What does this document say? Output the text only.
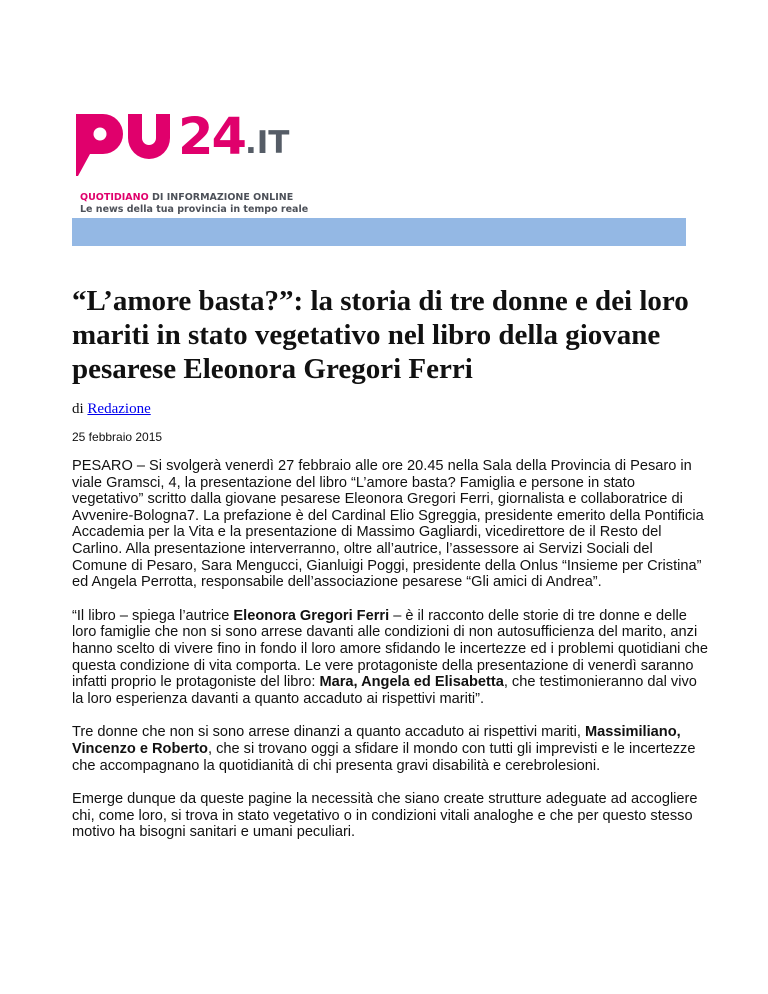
24 .IT
QUOTIDIANO DI INFORMAZIONE ONLINE
Le news della tua provincia in tempo reale
“L’amore basta?”: la storia di tre donne e dei loro mariti in stato vegetativo nel libro della giovane pesarese Eleonora Gregori Ferri
di Redazione
25 febbraio 2015

PESARO – Si svolgerà venerdì 27 febbraio alle ore 20.45 nella Sala della Provincia di Pesaro in viale Gramsci, 4, la presentazione del libro “L’amore basta? Famiglia e persone in stato vegetativo” scritto dalla giovane pesarese Eleonora Gregori Ferri, giornalista e collaboratrice di Avvenire-Bologna7. La prefazione è del Cardinal Elio Sgreggia, presidente emerito della Pontificia Accademia per la Vita e la presentazione di Massimo Gagliardi, vicedirettore de il Resto del Carlino. Alla presentazione interverranno, oltre all’autrice, l’assessore ai Servizi Sociali del Comune di Pesaro, Sara Mengucci, Gianluigi Poggi, presidente della Onlus “Insieme per Cristina” ed Angela Perrotta, responsabile dell’associazione pesarese “Gli amici di Andrea”.

“Il libro – spiega l’autrice Eleonora Gregori Ferri – è il racconto delle storie di tre donne e delle loro famiglie che non si sono arrese davanti alle condizioni di non autosufficienza del marito, anzi hanno scelto di vivere fino in fondo il loro amore sfidando le incertezze ed i problemi quotidiani che questa condizione di vita comporta. Le vere protagoniste della presentazione di venerdì saranno infatti proprio le protagoniste del libro: Mara, Angela ed Elisabetta, che testimonieranno dal vivo la loro esperienza davanti a quanto accaduto ai rispettivi mariti”.

Tre donne che non si sono arrese dinanzi a quanto accaduto ai rispettivi mariti, Massimiliano, Vincenzo e Roberto, che si trovano oggi a sfidare il mondo con tutti gli imprevisti e le incertezze che accompagnano la quotidianità di chi presenta gravi disabilità e cerebrolesioni.

Emerge dunque da queste pagine la necessità che siano create strutture adeguate ad accogliere chi, come loro, si trova in stato vegetativo o in condizioni vitali analoghe e che per questo stesso motivo ha bisogni sanitari e umani peculiari.
